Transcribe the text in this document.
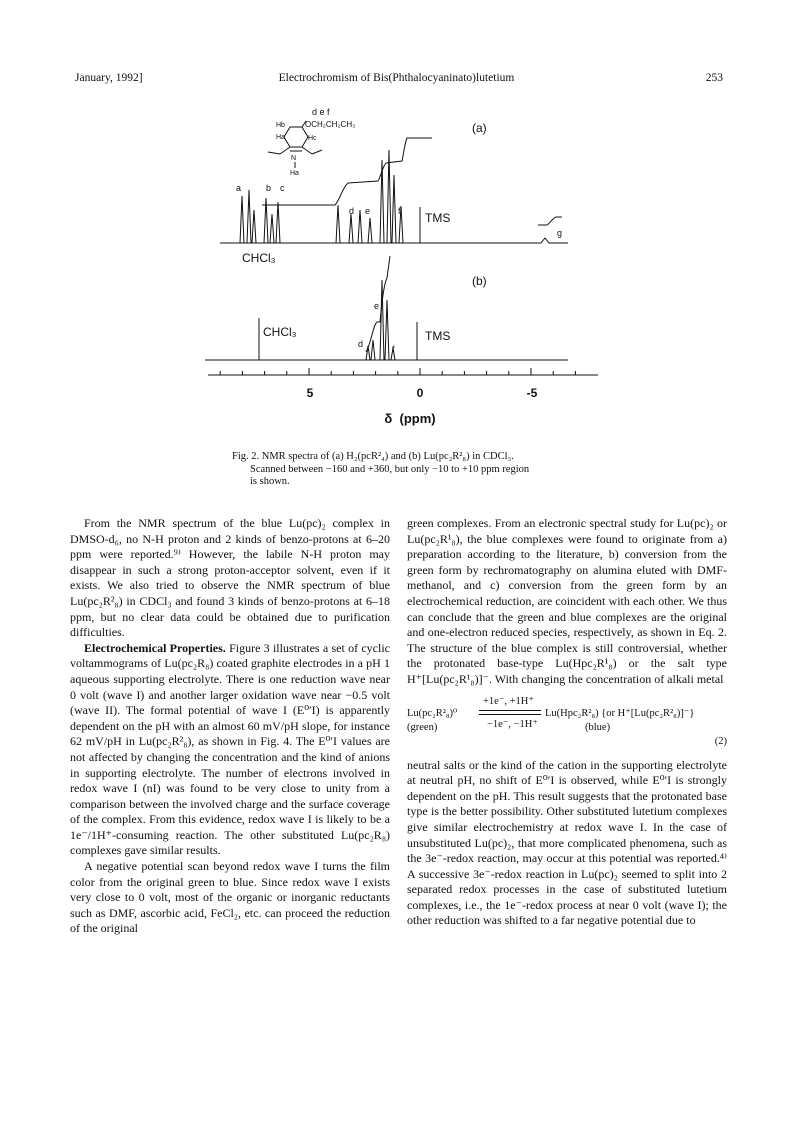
January, 1992]	Electrochromism of Bis(Phthalocyaninato)lutetium	253
d e f
OCH₂CH₂CH₃
Hb
Ha	Hc
N
Ha
(a)
a	b c
d e	f
g
CHCl₃
TMS
(b)
d
e
f
CHCl₃	TMS
5	0	-5
δ  (ppm)

Fig. 2. NMR spectra of (a) H₂(pcR²₄) and (b) Lu(pc₂R²₈) in CDCl₃.

Scanned between −160 and +360, but only −10 to +10 ppm region

is shown.

From the NMR spectrum of the blue Lu(pc)₂ complex in DMSO-d₆, no N-H proton and 2 kinds of benzo-protons at 6–20 ppm were reported.⁹⁾ However, the labile N-H proton may disappear in such a strong proton-acceptor solvent, even if it exists. We also tried to observe the NMR spectrum of blue Lu(pc₂R²₈) in CDCl₃ and found 3 kinds of benzo-protons at 6–18 ppm, but no clear data could be obtained due to purification difficulties.

Electrochemical Properties. Figure 3 illustrates a set of cyclic voltammograms of Lu(pc₂R₈) coated graphite electrodes in a pH 1 aqueous supporting electrolyte. There is one reduction wave near 0 volt (wave I) and another larger oxidation wave near −0.5 volt (wave II). The formal potential of wave I (E⁰′I) is apparently dependent on the pH with an almost 60 mV/pH slope, for instance 62 mV/pH in Lu(pc₂R²₈), as shown in Fig. 4. The E⁰′I values are not affected by changing the concentration and the kind of anions in supporting electrolyte. The number of electrons involved in redox wave I (nI) was found to be very close to unity from a comparison between the involved charge and the surface coverage of the complex. From this evidence, redox wave I is likely to be a 1e⁻/1H⁺-consuming reaction. The other substituted Lu(pc₂R₈) complexes gave similar results.

A negative potential scan beyond redox wave I turns the film color from the original green to blue. Since redox wave I exists very close to 0 volt, most of the organic or inorganic reductants such as DMF, ascorbic acid, FeCl₂, etc. can proceed the reduction of the original

green complexes. From an electronic spectral study for Lu(pc)₂ or Lu(pc₂R¹₈), the blue complexes were found to originate from a) preparation according to the literature, b) conversion from the green form by rechromatography on alumina eluted with DMF-methanol, and c) conversion from the green form by an electrochemical reduction, are coincident with each other. We thus can conclude that the green and blue complexes are the original and one-electron reduced species, respectively, as shown in Eq. 2. The structure of the blue complex is still controversial, whether the protonated base-type Lu(Hpc₂R¹₈) or the salt type H⁺[Lu(pc₂R¹₈)]⁻. With changing the concentration of alkali metal

Lu(pc₂R²₈)⁰
(green)
+1e⁻, +1H⁺
−1e⁻, −1H⁺
Lu(Hpc₂R²₈) {or H⁺[Lu(pc₂R²₈)]⁻}
(blue)
(2)

neutral salts or the kind of the cation in the supporting electrolyte at neutral pH, no shift of E⁰′I is observed, while E⁰′I is strongly dependent on the pH. This result suggests that the protonated base type is the better possibility. Other substituted lutetium complexes give similar electrochemistry at redox wave I. In the case of unsubstituted Lu(pc)₂, that more complicated phenomena, such as the 3e⁻-redox reaction, may occur at this potential was reported.⁴⁾ A successive 3e⁻-redox reaction in Lu(pc)₂ seemed to split into 2 separated redox processes in the case of substituted lutetium complexes, i.e., the 1e⁻-redox process at near 0 volt (wave I); the other reduction was shifted to a far negative potential due to
